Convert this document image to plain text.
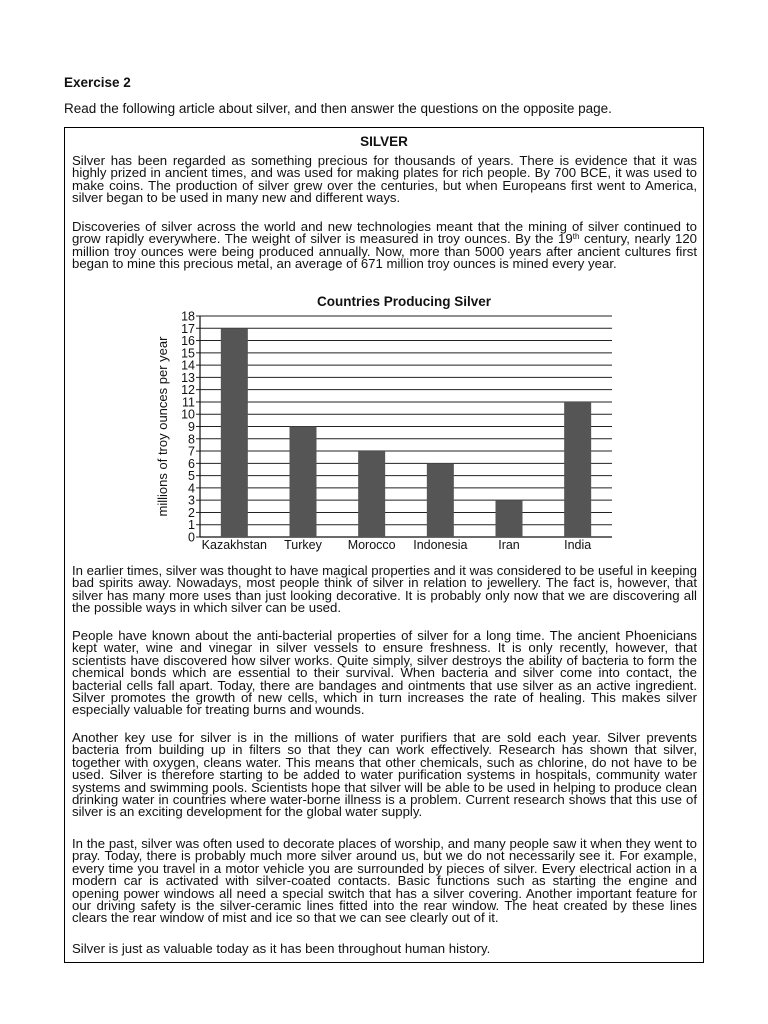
Exercise 2
Read the following article about silver, and then answer the questions on the opposite page.
SILVER

Silver has been regarded as something precious for thousands of years. There is evidence that it was highly prized in ancient times, and was used for making plates for rich people. By 700 BCE, it was used to make coins. The production of silver grew over the centuries, but when Europeans first went to America, silver began to be used in many new and different ways.

Discoveries of silver across the world and new technologies meant that the mining of silver continued to grow rapidly everywhere. The weight of silver is measured in troy ounces. By the 19th century, nearly 120 million troy ounces were being produced annually. Now, more than 5000 years after ancient cultures first began to mine this precious metal, an average of 671 million troy ounces is mined every year.

In earlier times, silver was thought to have magical properties and it was considered to be useful in keeping bad spirits away. Nowadays, most people think of silver in relation to jewellery. The fact is, however, that silver has many more uses than just looking decorative. It is probably only now that we are discovering all the possible ways in which silver can be used.

People have known about the anti-bacterial properties of silver for a long time. The ancient Phoenicians kept water, wine and vinegar in silver vessels to ensure freshness. It is only recently, however, that scientists have discovered how silver works. Quite simply, silver destroys the ability of bacteria to form the chemical bonds which are essential to their survival. When bacteria and silver come into contact, the bacterial cells fall apart. Today, there are bandages and ointments that use silver as an active ingredient. Silver promotes the growth of new cells, which in turn increases the rate of healing. This makes silver especially valuable for treating burns and wounds.

Another key use for silver is in the millions of water purifiers that are sold each year. Silver prevents bacteria from building up in filters so that they can work effectively. Research has shown that silver, together with oxygen, cleans water. This means that other chemicals, such as chlorine, do not have to be used. Silver is therefore starting to be added to water purification systems in hospitals, community water systems and swimming pools. Scientists hope that silver will be able to be used in helping to produce clean drinking water in countries where water-borne illness is a problem. Current research shows that this use of silver is an exciting development for the global water supply.

In the past, silver was often used to decorate places of worship, and many people saw it when they went to pray. Today, there is probably much more silver around us, but we do not necessarily see it. For example, every time you travel in a motor vehicle you are surrounded by pieces of silver. Every electrical action in a modern car is activated with silver-coated contacts. Basic functions such as starting the engine and opening power windows all need a special switch that has a silver covering. Another important feature for our driving safety is the silver-ceramic lines fitted into the rear window. The heat created by these lines clears the rear window of mist and ice so that we can see clearly out of it.

Silver is just as valuable today as it has been throughout human history.

Countries Producing Silver
0
1
2
3
4
5
6
7
8
9
10
11
12
13
14
15
16
17
18
millions of troy ounces per year
Kazakhstan Turkey Morocco Indonesia Iran	India
